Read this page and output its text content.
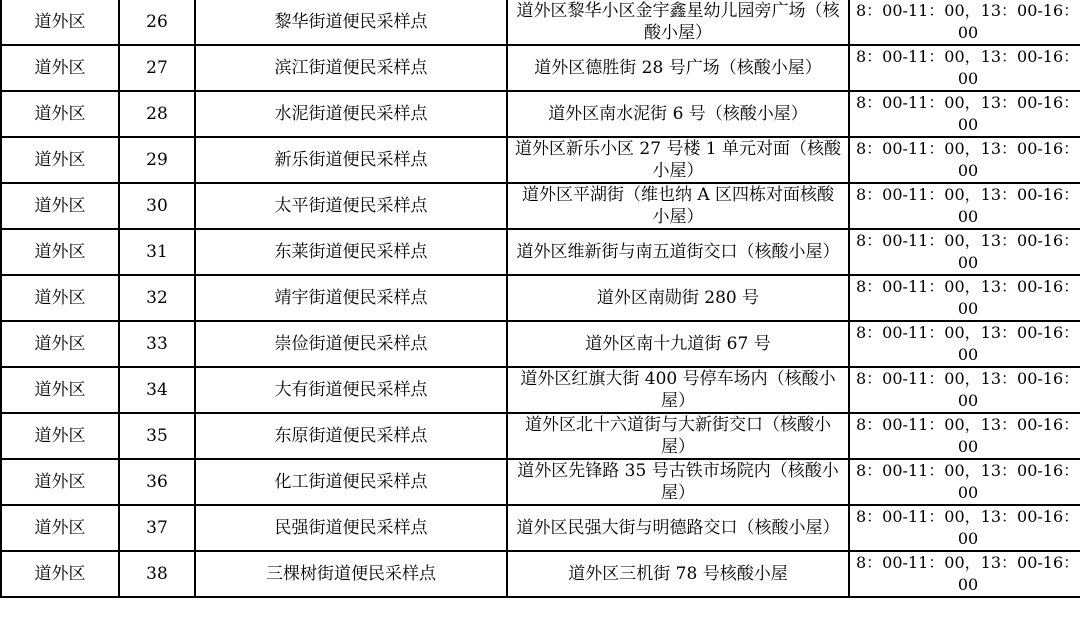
道外区	26	黎华街道便民采样点	道外区黎华小区金宇鑫星幼儿园旁广场（核酸小屋）	8：00-11：00，13：00-16：
00

道外区	27	滨江街道便民采样点	道外区德胜街 28 号广场（核酸小屋）	8：00-11：00，13：00-16：
00

道外区	28	水泥街道便民采样点	道外区南水泥街 6 号（核酸小屋）	8：00-11：00，13：00-16：
00

道外区	29	新乐街道便民采样点	道外区新乐小区 27 号楼 1 单元对面（核酸小屋）	8：00-11：00，13：00-16：
00

道外区	30	太平街道便民采样点	道外区平湖街（维也纳 A 区四栋对面核酸小屋）	8：00-11：00，13：00-16：
00

道外区	31	东莱街道便民采样点	道外区维新街与南五道街交口（核酸小屋）	8：00-11：00，13：00-16：
00

道外区	32	靖宇街道便民采样点	道外区南勋街 280 号	8：00-11：00，13：00-16：
00

道外区	33	崇俭街道便民采样点	道外区南十九道街 67 号	8：00-11：00，13：00-16：
00

道外区	34	大有街道便民采样点	道外区红旗大街 400 号停车场内（核酸小屋）	8：00-11：00，13：00-16：
00

道外区	35	东原街道便民采样点	道外区北十六道街与大新街交口（核酸小屋）	8：00-11：00，13：00-16：
00

道外区	36	化工街道便民采样点	道外区先锋路 35 号古铁市场院内（核酸小屋）	8：00-11：00，13：00-16：
00

道外区	37	民强街道便民采样点	道外区民强大街与明德路交口（核酸小屋）	8：00-11：00，13：00-16：
00

道外区	38	三棵树街道便民采样点	道外区三机街 78 号核酸小屋	8：00-11：00，13：00-16：
00
